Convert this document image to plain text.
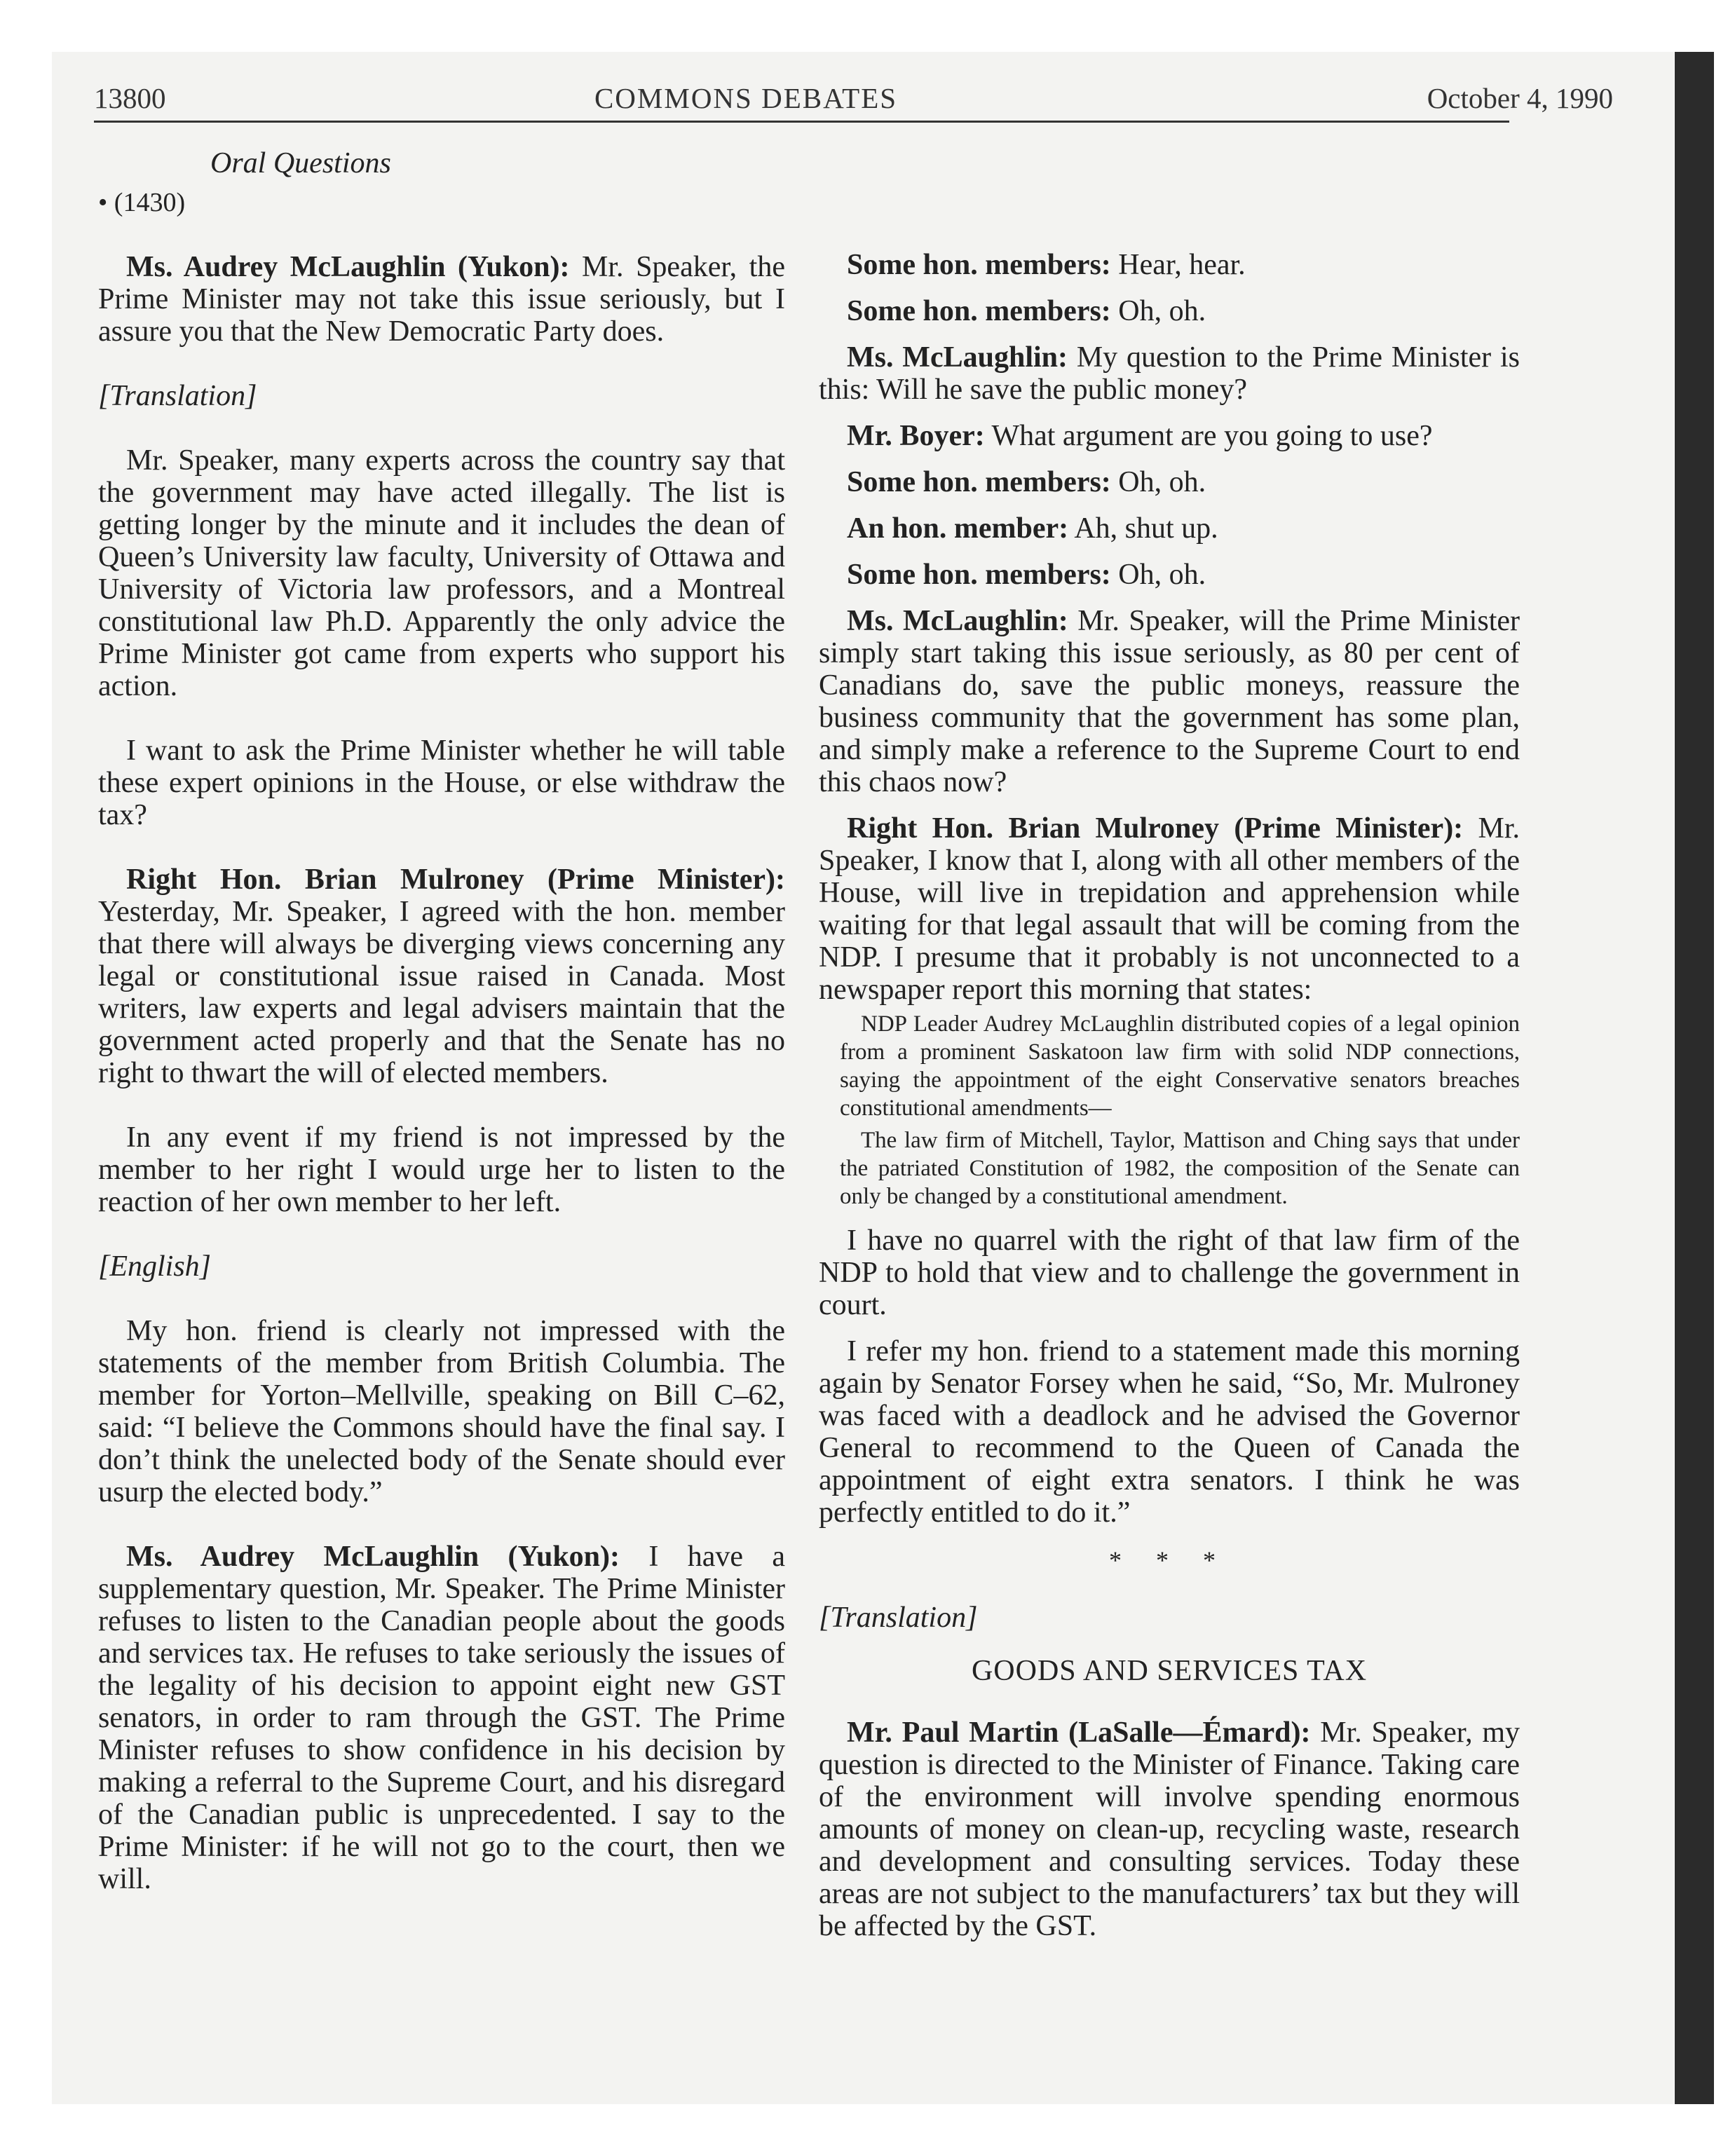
13800	COMMONS DEBATES	October 4, 1990

Oral Questions

• (1430)

Ms. Audrey McLaughlin (Yukon): Mr. Speaker, the Prime Minister may not take this issue seriously, but I assure you that the New Democratic Party does.

[Translation]

Mr. Speaker, many experts across the country say that the government may have acted illegally. The list is getting longer by the minute and it includes the dean of Queen’s University law faculty, University of Ottawa and University of Victoria law professors, and a Montreal constitutional law Ph.D. Apparently the only advice the Prime Minister got came from experts who support his action.

I want to ask the Prime Minister whether he will table these expert opinions in the House, or else withdraw the tax?

Right Hon. Brian Mulroney (Prime Minister): Yesterday, Mr. Speaker, I agreed with the hon. member that there will always be diverging views concerning any legal or constitutional issue raised in Canada. Most writers, law experts and legal advisers maintain that the government acted properly and that the Senate has no right to thwart the will of elected members.

In any event if my friend is not impressed by the member to her right I would urge her to listen to the reaction of her own member to her left.

[English]

My hon. friend is clearly not impressed with the statements of the member from British Columbia. The member for Yorton–Mellville, speaking on Bill C–62, said: “I believe the Commons should have the final say. I don’t think the unelected body of the Senate should ever usurp the elected body.”

Ms. Audrey McLaughlin (Yukon): I have a supplementary question, Mr. Speaker. The Prime Minister refuses to listen to the Canadian people about the goods and services tax. He refuses to take seriously the issues of the legality of his decision to appoint eight new GST senators, in order to ram through the GST. The Prime Minister refuses to show confidence in his decision by making a referral to the Supreme Court, and his disregard of the Canadian public is unprecedented. I say to the Prime Minister: if he will not go to the court, then we will.

Some hon. members: Hear, hear.

Some hon. members: Oh, oh.

Ms. McLaughlin: My question to the Prime Minister is this: Will he save the public money?

Mr. Boyer: What argument are you going to use?

Some hon. members: Oh, oh.

An hon. member: Ah, shut up.

Some hon. members: Oh, oh.

Ms. McLaughlin: Mr. Speaker, will the Prime Minister simply start taking this issue seriously, as 80 per cent of Canadians do, save the public moneys, reassure the business community that the government has some plan, and simply make a reference to the Supreme Court to end this chaos now?

Right Hon. Brian Mulroney (Prime Minister): Mr. Speaker, I know that I, along with all other members of the House, will live in trepidation and apprehension while waiting for that legal assault that will be coming from the NDP. I presume that it probably is not unconnected to a newspaper report this morning that states:

NDP Leader Audrey McLaughlin distributed copies of a legal opinion from a prominent Saskatoon law firm with solid NDP connections, saying the appointment of the eight Conservative senators breaches constitutional amendments—

The law firm of Mitchell, Taylor, Mattison and Ching says that under the patriated Constitution of 1982, the composition of the Senate can only be changed by a constitutional amendment.

I have no quarrel with the right of that law firm of the NDP to hold that view and to challenge the government in court.

I refer my hon. friend to a statement made this morning again by Senator Forsey when he said, “So, Mr. Mulroney was faced with a deadlock and he advised the Governor General to recommend to the Queen of Canada the appointment of eight extra senators. I think he was perfectly entitled to do it.”

* * *

[Translation]

GOODS AND SERVICES TAX

Mr. Paul Martin (LaSalle—Émard): Mr. Speaker, my question is directed to the Minister of Finance. Taking care of the environment will involve spending enormous amounts of money on clean-up, recycling waste, research and development and consulting services. Today these areas are not subject to the manufacturers’ tax but they will be affected by the GST.
